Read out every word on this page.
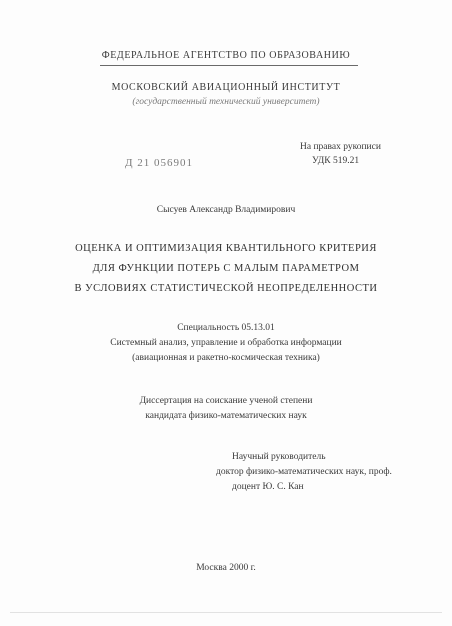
ФЕДЕРАЛЬНОЕ АГЕНТСТВО ПО ОБРАЗОВАНИЮ
МОСКОВСКИЙ АВИАЦИОННЫЙ ИНСТИТУТ
(государственный технический университет)
На правах рукописи
УДК 519.21
Д 21 056901
Сысуев Александр Владимирович
ОЦЕНКА И ОПТИМИЗАЦИЯ КВАНТИЛЬНОГО КРИТЕРИЯ
ДЛЯ ФУНКЦИИ ПОТЕРЬ С МАЛЫМ ПАРАМЕТРОМ
В УСЛОВИЯХ СТАТИСТИЧЕСКОЙ НЕОПРЕДЕЛЕННОСТИ
Специальность 05.13.01
Системный анализ, управление и обработка информации
(авиационная и ракетно-космическая техника)
Диссертация на соискание ученой степени
кандидата физико-математических наук
Научный руководитель
доктор физико-математических наук, проф.
доцент Ю. С. Кан
Москва 2000 г.
